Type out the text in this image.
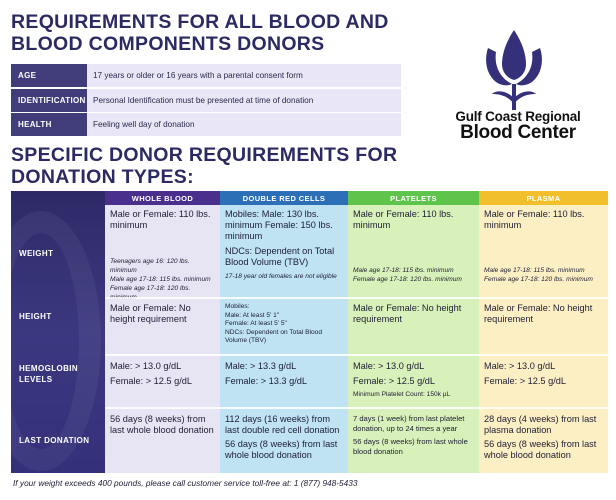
REQUIREMENTS FOR ALL BLOOD AND BLOOD COMPONENTS DONORS
SPECIFIC DONOR REQUIREMENTS FOR DONATION TYPES:
AGE	17 years or older or 16 years with a parental consent form
IDENTIFICATION Personal Identification must be presented at time of donation
HEALTH	Feeling well day of donation
Gulf Coast Regional
Blood Center
WEIGHT
HEIGHT
HEMOGLOBIN LEVELS
LAST DONATION
WHOLE BLOOD
Male or Female: 110 lbs. minimum
Teenagers age 16: 120 lbs. minimum
Male age 17-18: 115 lbs. minimum
Female age 17-18: 120 lbs.
Male or Female: No height requirement
Male: > 13.0 g/dL
Female: > 12.5 g/dL
56 days (8 weeks) from last whole blood donation
DOUBLE RED CELLS
Mobiles: Male: 130 lbs. minimum Female: 150 lbs. minimum
NDCs: Dependent on Total Blood Volume (TBV)
17-18 year old females are not eligible
Mobiles:
Male: At least 5' 1"
Female: At least 5' 5"
NDCs: Dependent on Total Blood Volume (TBV)
Male: > 13.3 g/dL
Female: > 13.3 g/dL
112 days (16 weeks) from last double red cell donation
56 days (8 weeks) from last whole blood donation
PLATELETS
Male or Female: 110 lbs. minimum
Male age 17-18: 115 lbs. minimum
Female age 17-18: 120 lbs. minimum
Male or Female: No height requirement
Male: > 13.0 g/dL
Female: > 12.5 g/dL
Minimum Platelet Count: 150k µL
7 days (1 week) from last platelet donation, up to 24 times a year
56 days (8 weeks) from last whole blood donation
PLASMA
Male or Female: 110 lbs. minimum
Male age 17-18: 115 lbs. minimum
Female age 17-18: 120 lbs. minimum
Male or Female: No height requirement
Male: > 13.0 g/dL
Female: > 12.5 g/dL
28 days (4 weeks) from last plasma donation
56 days (8 weeks) from last whole blood donation
If your weight exceeds 400 pounds, please call customer service toll-free at: 1 (877) 948-5433
